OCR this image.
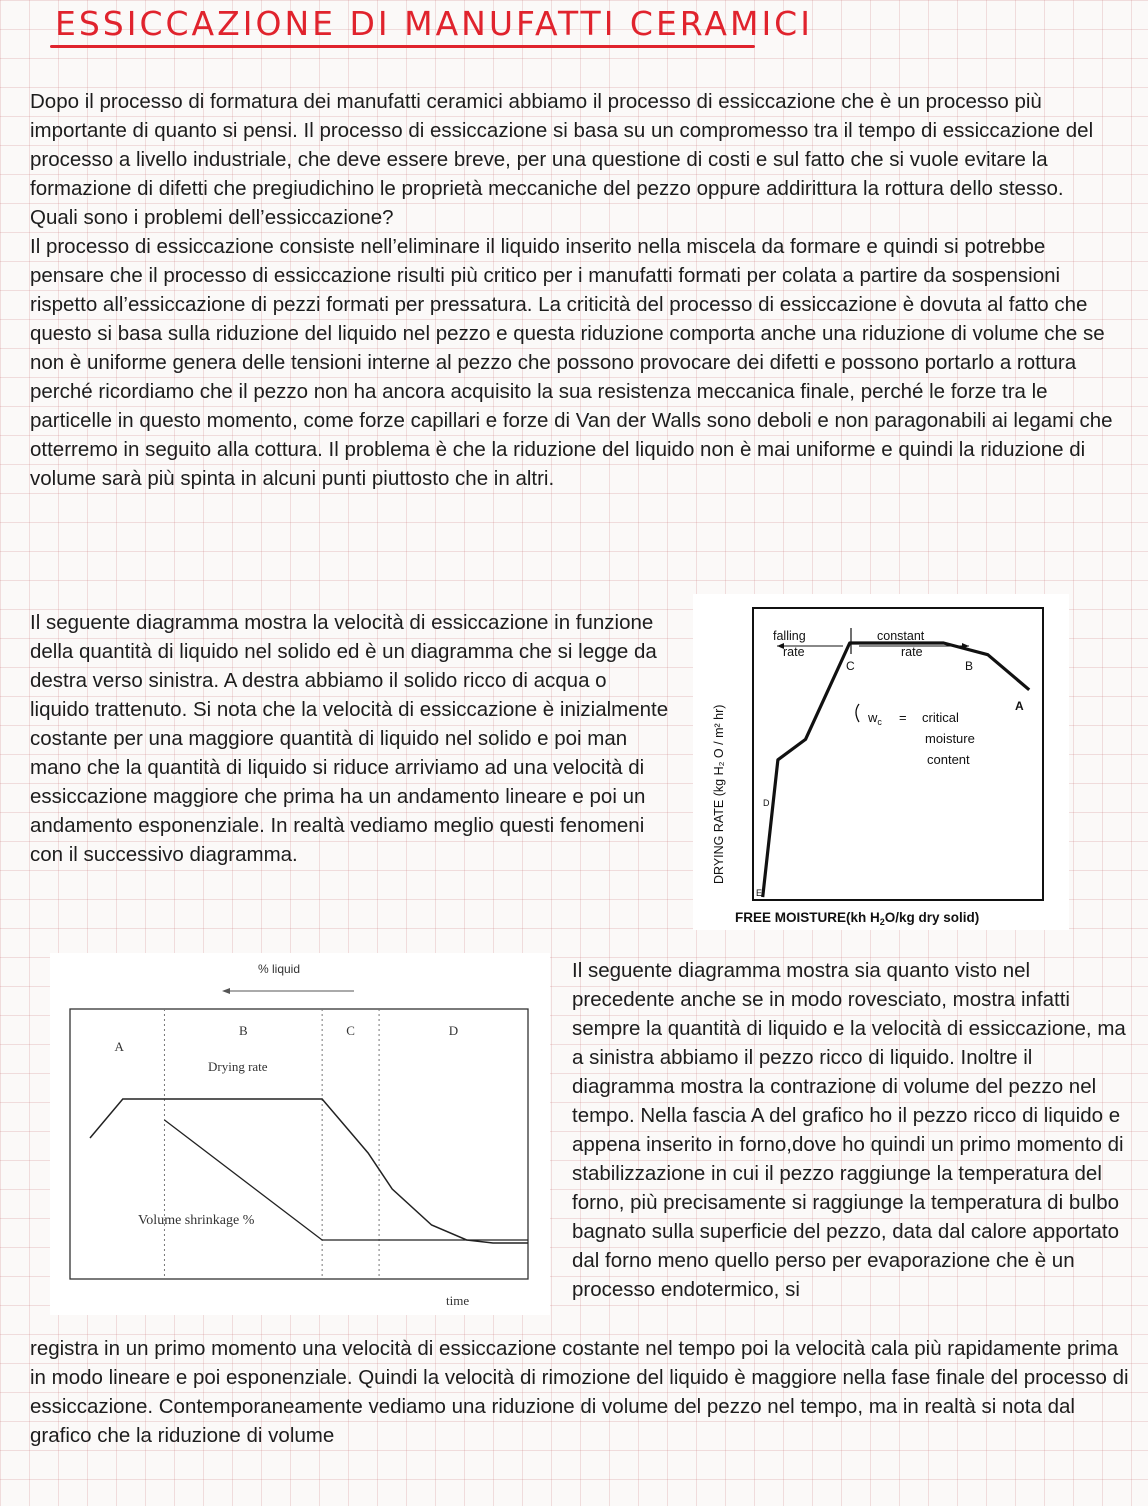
ESSICCAZIONE DI MANUFATTI CERAMICI

Dopo il processo di formatura dei manufatti ceramici abbiamo il processo di essiccazione che è un processo più importante di quanto si pensi. Il processo di essiccazione si basa su un compromesso tra il tempo di essiccazione del processo a livello industriale, che deve essere breve, per una questione di costi e sul fatto che si vuole evitare la formazione di difetti che pregiudichino le proprietà meccaniche del pezzo oppure addirittura la rottura dello stesso.

Quali sono i problemi dell’essiccazione?

Il processo di essiccazione consiste nell’eliminare il liquido inserito nella miscela da formare e quindi si potrebbe pensare che il processo di essiccazione risulti più critico per i manufatti formati per colata a partire da sospensioni rispetto all’essiccazione di pezzi formati per pressatura. La criticità del processo di essiccazione è dovuta al fatto che questo si basa sulla riduzione del liquido nel pezzo e questa riduzione comporta anche una riduzione di volume che se non è uniforme genera delle tensioni interne al pezzo che possono provocare dei difetti e possono portarlo a rottura perché ricordiamo che il pezzo non ha ancora acquisito la sua resistenza meccanica finale, perché le forze tra le particelle in questo momento, come forze capillari e forze di Van der Walls sono deboli e non paragonabili ai legami che otterremo in seguito alla cottura. Il problema è che la riduzione del liquido non è mai uniforme e quindi la riduzione di volume sarà più spinta in alcuni punti piuttosto che in altri.

Il seguente diagramma mostra la velocità di essiccazione in funzione della quantità di liquido nel solido ed è un diagramma che si legge da destra verso sinistra. A destra abbiamo il solido ricco di acqua o liquido trattenuto. Si nota che la velocità di essiccazione è inizialmente costante per una maggiore quantità di liquido nel solido e poi man mano che la quantità di liquido si riduce arriviamo ad una velocità di essiccazione maggiore che prima ha un andamento lineare e poi un andamento esponenziale. In realtà vediamo meglio questi fenomeni con il successivo diagramma.	DRYING RATE (kg H₂ O / m² hr)
FREE MOISTURE(kh $H_2O/kg$ dry solid)
falling
rate
constant
rate
A
B
C
D
E
$w_c$ = critical
moisture
content
% liquid
A
B	C	D
Drying rate
Volume shrinkage %
time

Il seguente diagramma mostra sia quanto visto nel precedente anche se in modo rovesciato, mostra infatti sempre la quantità di liquido e la velocità di essiccazione, ma a sinistra abbiamo il pezzo ricco di liquido. Inoltre il diagramma mostra la contrazione di volume del pezzo nel tempo. Nella fascia A del grafico ho il pezzo ricco di liquido e appena inserito in forno,dove ho quindi un primo momento di stabilizzazione in cui il pezzo raggiunge la temperatura del forno, più precisamente si raggiunge la temperatura di bulbo bagnato sulla superficie del pezzo, data dal calore apportato dal forno meno quello perso per evaporazione che è un processo endotermico, si

registra in un primo momento una velocità di essiccazione costante nel tempo poi la velocità cala più rapidamente prima in modo lineare e poi esponenziale. Quindi la velocità di rimozione del liquido è maggiore nella fase finale del processo di essiccazione. Contemporaneamente vediamo una riduzione di volume del pezzo nel tempo, ma in realtà si nota dal grafico che la riduzione di volume
